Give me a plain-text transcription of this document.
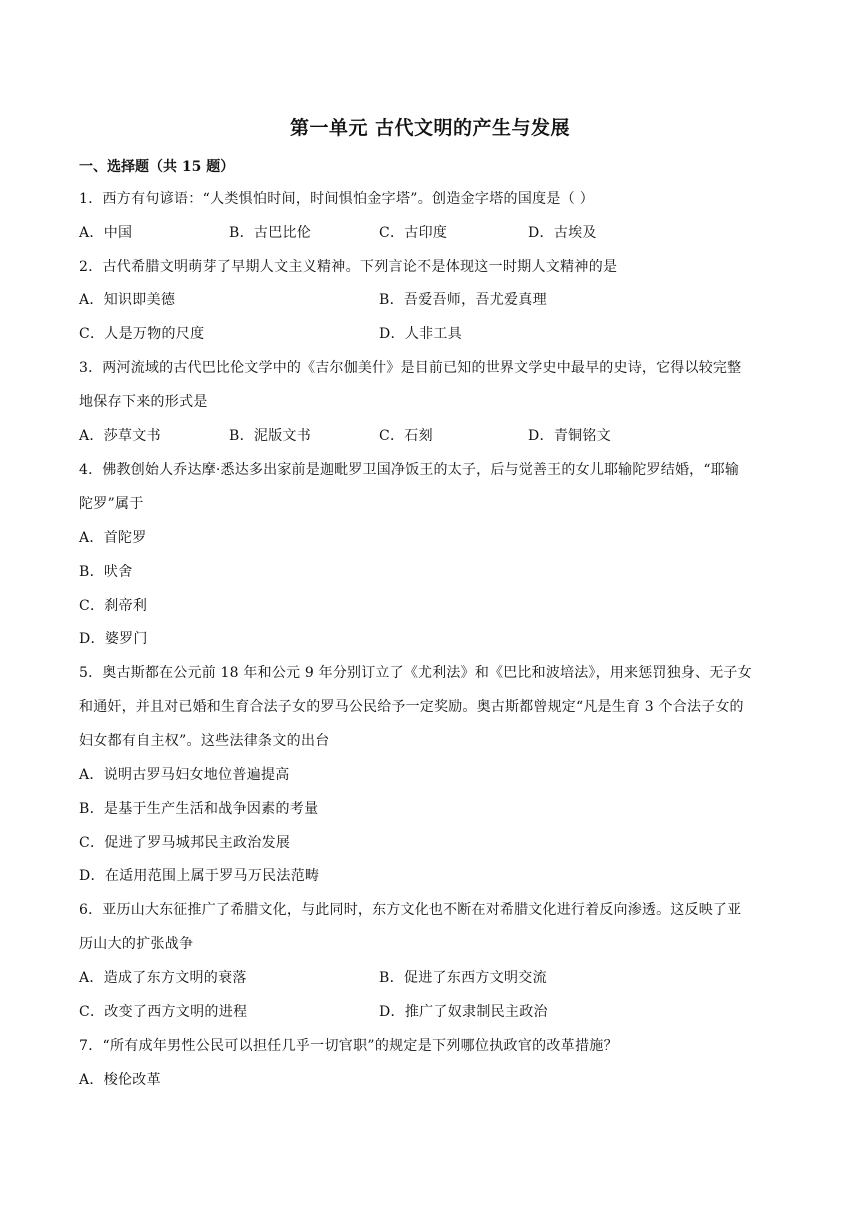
第一单元 古代文明的产生与发展
一、选择题（共 15 题）
1．西方有句谚语：“人类惧怕时间，时间惧怕金字塔”。创造金字塔的国度是（ ）
A．中国	B．古巴比伦	C．古印度	D．古埃及
2．古代希腊文明萌芽了早期人文主义精神。下列言论不是体现这一时期人文精神的是
A．知识即美德	B．吾爱吾师，吾尤爱真理
C．人是万物的尺度	D．人非工具
3．两河流域的古代巴比伦文学中的《吉尔伽美什》是目前已知的世界文学史中最早的史诗，它得以较完整
地保存下来的形式是
A．莎草文书	B．泥版文书	C．石刻	D．青铜铭文
4．佛教创始人乔达摩·悉达多出家前是迦毗罗卫国净饭王的太子，后与觉善王的女儿耶输陀罗结婚，“耶输
陀罗”属于
A．首陀罗
B．吠舍
C．刹帝利
D．婆罗门
5．奥古斯都在公元前 18 年和公元 9 年分别订立了《尤利法》和《巴比和波培法》，用来惩罚独身、无子女
和通奸，并且对已婚和生育合法子女的罗马公民给予一定奖励。奥古斯都曾规定“凡是生育 3 个合法子女的
妇女都有自主权”。这些法律条文的出台
A．说明古罗马妇女地位普遍提高
B．是基于生产生活和战争因素的考量
C．促进了罗马城邦民主政治发展
D．在适用范围上属于罗马万民法范畴
6．亚历山大东征推广了希腊文化，与此同时，东方文化也不断在对希腊文化进行着反向渗透。这反映了亚
历山大的扩张战争
A．造成了东方文明的衰落	B．促进了东西方文明交流
C．改变了西方文明的进程	D．推广了奴隶制民主政治
7．“所有成年男性公民可以担任几乎一切官职”的规定是下列哪位执政官的改革措施？
A．梭伦改革
